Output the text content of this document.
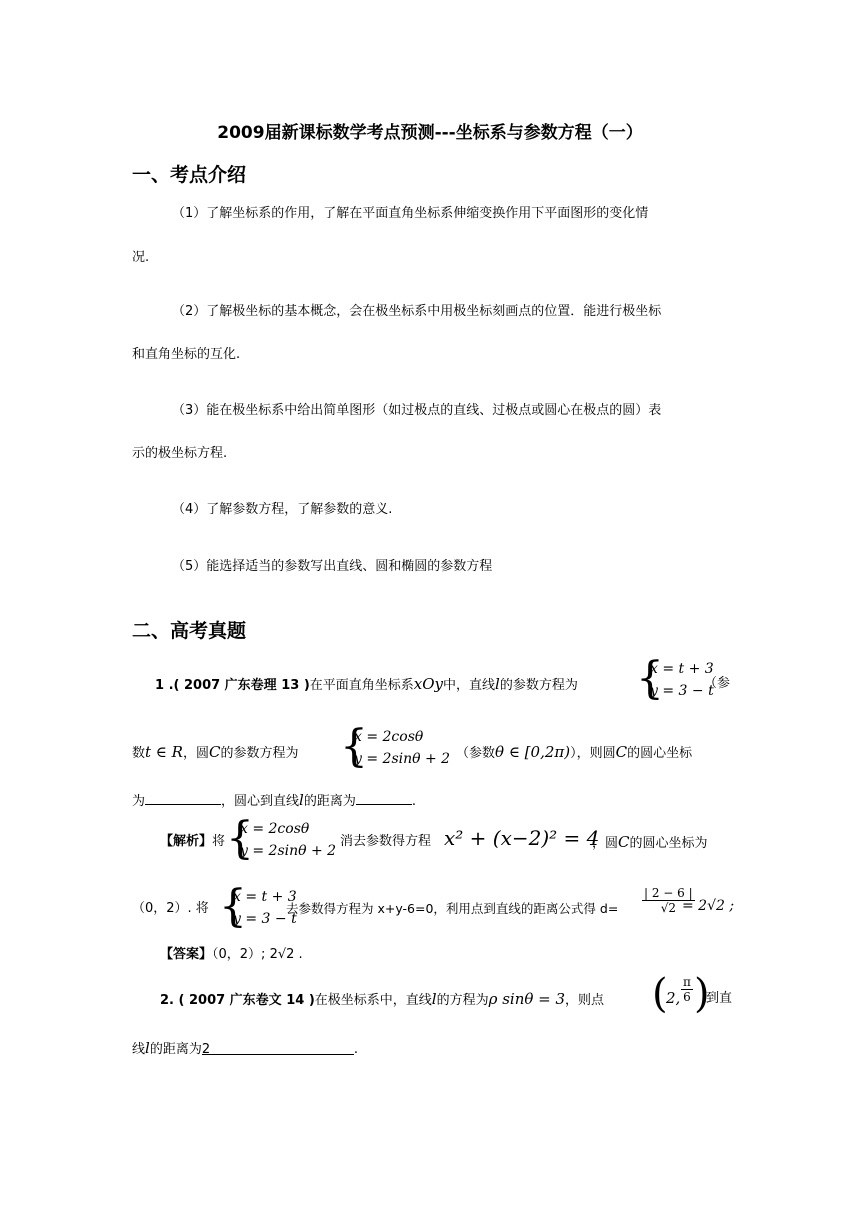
2009届新课标数学考点预测---坐标系与参数方程（一）
一、考点介绍
（1）了解坐标系的作用，了解在平面直角坐标系伸缩变换作用下平面图形的变化情
况.
（2）了解极坐标的基本概念，会在极坐标系中用极坐标刻画点的位置．能进行极坐标
和直角坐标的互化.
（3）能在极坐标系中给出简单图形（如过极点的直线、过极点或圆心在极点的圆）表
示的极坐标方程.
（4）了解参数方程，了解参数的意义.
（5）能选择适当的参数写出直线、圆和椭圆的参数方程
二、高考真题
1 .( 2007 广东卷理 13 )在平面直角坐标系xOy中，直线l的参数方程为 {
x = t + 3
y = 3 − t
（参
数t ∈ R，圆C的参数方程为 {
x = 2cosθ
y = 2sinθ + 2 （参数θ ∈ [0,2π)），则圆C的圆心坐标
为	，圆心到直线l的距离为	.
【解析】将 {
x = 2cosθ
y = 2sinθ + 2
消去参数得方程 x² + (x−2)² = 4
，圆C的圆心坐标为
（0，2）. 将 {
x = t + 3
y = 3 − t
去参数得方程为 x+y-6=0，利用点到直线的距离公式得 $d= \frac{| 2 - 6 |}{√2}$
= 2√2 ;
【答案】（0，2）; 2√2 .
2. ( 2007 广东卷文 14 )在极坐标系中，直线l的方程为ρ sinθ = 3，则点 (
2, $\frac{\pi}{6}$ )
到直
线l的距离为2	.
